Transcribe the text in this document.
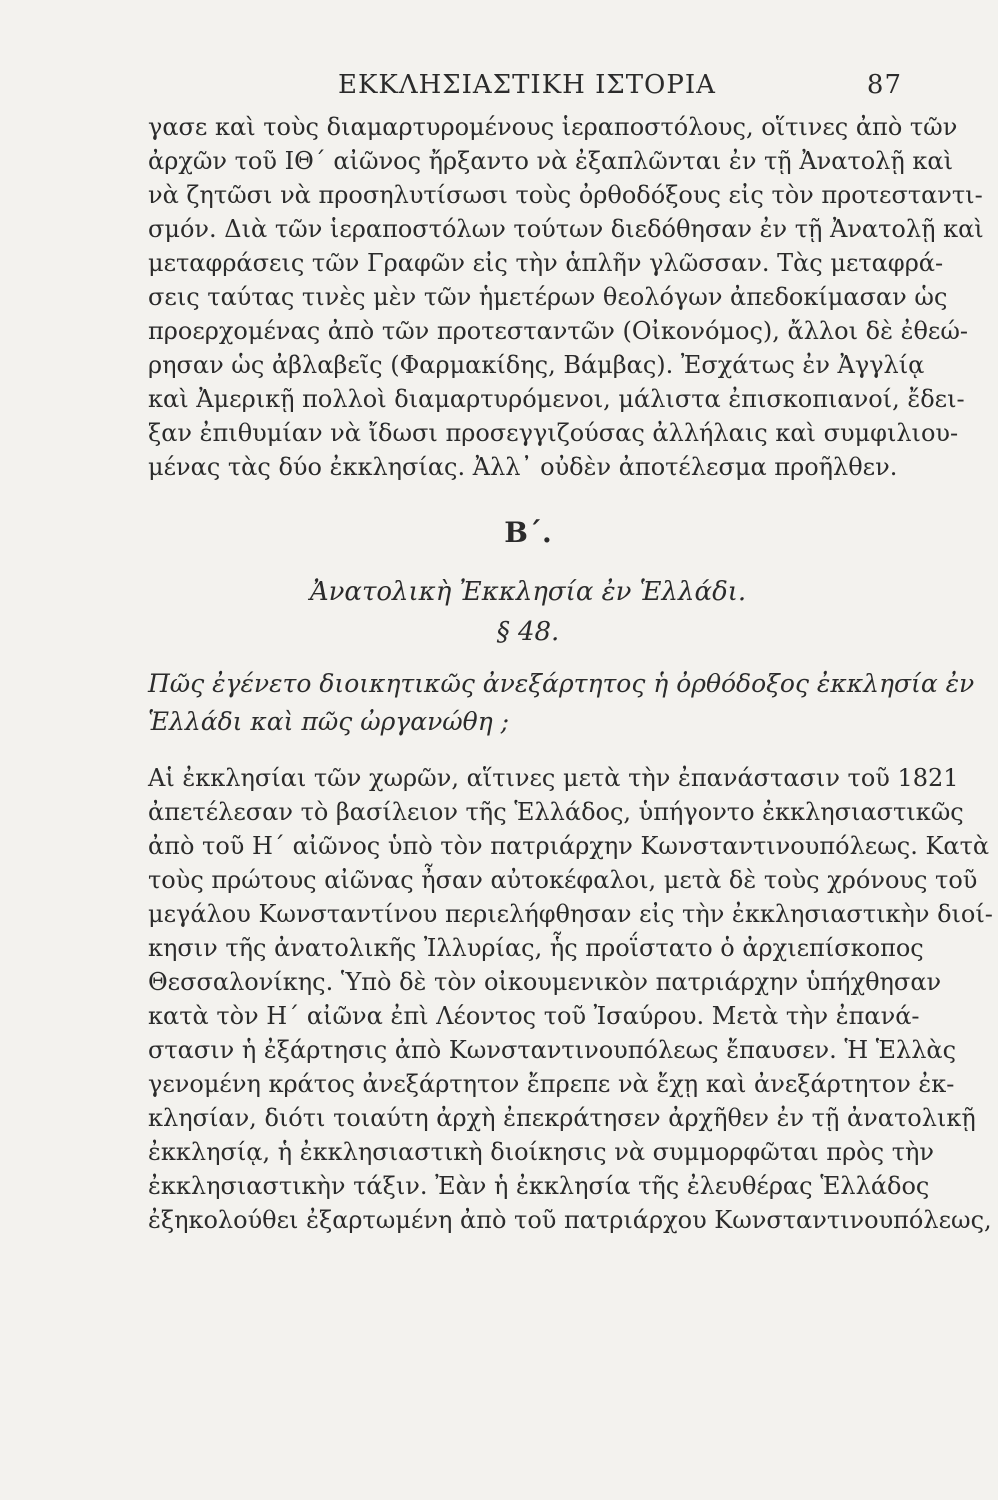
ΕΚΚΛΗΣΙΑΣΤΙΚΗ ΙΣΤΟΡΙΑ	87

γασε καὶ τοὺς διαμαρτυρομένους ἱεραποστόλους, οἵτινες ἀπὸ τῶν
ἀρχῶν τοῦ ΙΘ΄ αἰῶνος ἤρξαντο νὰ ἐξαπλῶνται ἐν τῇ Ἀνατολῇ καὶ
νὰ ζητῶσι νὰ προσηλυτίσωσι τοὺς ὀρθοδόξους εἰς τὸν προτεσταντι-
σμόν. Διὰ τῶν ἱεραποστόλων τούτων διεδόθησαν ἐν τῇ Ἀνατολῇ καὶ
μεταφράσεις τῶν Γραφῶν εἰς τὴν ἁπλῆν γλῶσσαν. Τὰς μεταφρά-
σεις ταύτας τινὲς μὲν τῶν ἡμετέρων θεολόγων ἀπεδοκίμασαν ὡς
προερχομένας ἀπὸ τῶν προτεσταντῶν (Οἰκονόμος), ἄλλοι δὲ ἐθεώ-
ρησαν ὡς ἀβλαβεῖς (Φαρμακίδης, Βάμβας). Ἐσχάτως ἐν Ἀγγλίᾳ
καὶ Ἀμερικῇ πολλοὶ διαμαρτυρόμενοι, μάλιστα ἐπισκοπιανοί, ἔδει-
ξαν ἐπιθυμίαν νὰ ἴδωσι προσεγγιζούσας ἀλλήλαις καὶ συμφιλιου-
μένας τὰς δύο ἐκκλησίας. Ἀλλ᾽ οὐδὲν ἀποτέλεσμα προῆλθεν.

Β΄.
Ἀνατολικὴ Ἐκκλησία ἐν Ἑλλάδι.
§ 48.
Πῶς ἐγένετο διοικητικῶς ἀνεξάρτητος ἡ ὀρθόδοξος ἐκκλησία ἐν
Ἑλλάδι καὶ πῶς ὠργανώθη ;

Αἱ ἐκκλησίαι τῶν χωρῶν, αἵτινες μετὰ τὴν ἐπανάστασιν τοῦ 1821
ἀπετέλεσαν τὸ βασίλειον τῆς Ἑλλάδος, ὑπήγοντο ἐκκλησιαστικῶς
ἀπὸ τοῦ Η΄ αἰῶνος ὑπὸ τὸν πατριάρχην Κωνσταντινουπόλεως. Κατὰ
τοὺς πρώτους αἰῶνας ἦσαν αὐτοκέφαλοι, μετὰ δὲ τοὺς χρόνους τοῦ
μεγάλου Κωνσταντίνου περιελήφθησαν εἰς τὴν ἐκκλησιαστικὴν διοί-
κησιν τῆς ἀνατολικῆς Ἰλλυρίας, ἧς προΐστατο ὁ ἀρχιεπίσκοπος
Θεσσαλονίκης. Ὑπὸ δὲ τὸν οἰκουμενικὸν πατριάρχην ὑπήχθησαν
κατὰ τὸν Η΄ αἰῶνα ἐπὶ Λέοντος τοῦ Ἰσαύρου. Μετὰ τὴν ἐπανά-
στασιν ἡ ἐξάρτησις ἀπὸ Κωνσταντινουπόλεως ἔπαυσεν. Ἡ Ἑλλὰς
γενομένη κράτος ἀνεξάρτητον ἔπρεπε νὰ ἔχῃ καὶ ἀνεξάρτητον ἐκ-
κλησίαν, διότι τοιαύτη ἀρχὴ ἐπεκράτησεν ἀρχῆθεν ἐν τῇ ἀνατολικῇ
ἐκκλησίᾳ, ἡ ἐκκλησιαστικὴ διοίκησις νὰ συμμορφῶται πρὸς τὴν
ἐκκλησιαστικὴν τάξιν. Ἐὰν ἡ ἐκκλησία τῆς ἐλευθέρας Ἑλλάδος
ἐξηκολούθει ἐξαρτωμένη ἀπὸ τοῦ πατριάρχου Κωνσταντινουπόλεως,
